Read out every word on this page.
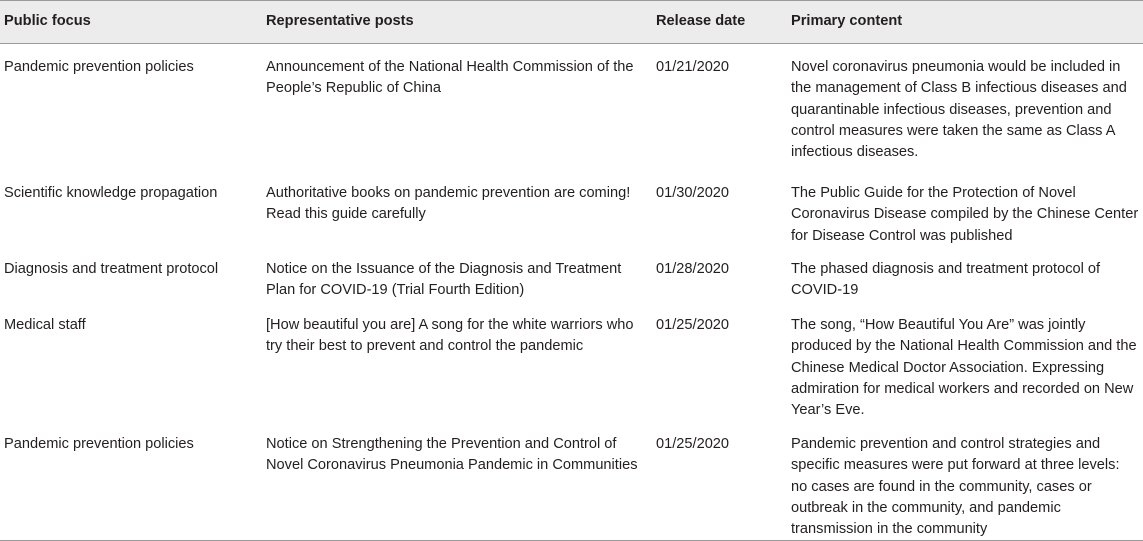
Public focus	Representative posts	Release date	Primary content
Pandemic prevention policies	Announcement of the National Health Commission of the People’s Republic of China	01/21/2020	Novel coronavirus pneumonia would be included in the management of Class B infectious diseases and quarantinable infectious diseases, prevention and control measures were taken the same as Class A infectious diseases.
Scientific knowledge propagation	Authoritative books on pandemic prevention are coming! Read this guide carefully	01/30/2020	The Public Guide for the Protection of Novel Coronavirus Disease compiled by the Chinese Center for Disease Control was published
Diagnosis and treatment protocol	Notice on the Issuance of the Diagnosis and Treatment Plan for COVID-19 (Trial Fourth Edition)	01/28/2020	The phased diagnosis and treatment protocol of COVID-19
Medical staff	[How beautiful you are] A song for the white warriors who try their best to prevent and control the pandemic	01/25/2020	The song, “How Beautiful You Are” was jointly produced by the National Health Commission and the Chinese Medical Doctor Association. Expressing admiration for medical workers and recorded on New Year’s Eve.
Pandemic prevention policies	Notice on Strengthening the Prevention and Control of Novel Coronavirus Pneumonia Pandemic in Communities	01/25/2020	Pandemic prevention and control strategies and specific measures were put forward at three levels: no cases are found in the community, cases or outbreak in the community, and pandemic transmission in the community
